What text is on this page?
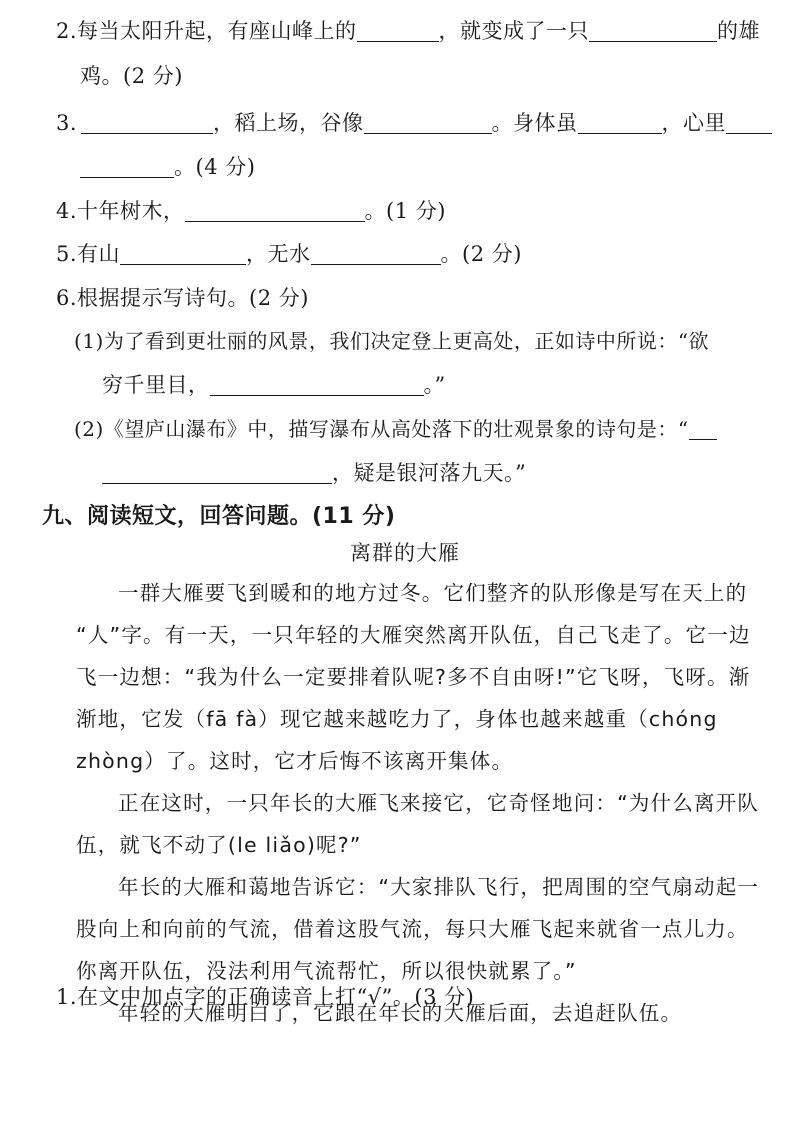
2.每当太阳升起，有座山峰上的	，就变成了一只	的雄
鸡。(2 分)
3.	，稻上场，谷像	。身体虽	，心里
。(4 分)
4.十年树木，	。(1 分)
5.有山	，无水	。(2 分)
6.根据提示写诗句。(2 分)
(1)为了看到更壮丽的风景，我们决定登上更高处，正如诗中所说：“欲
穷千里目，	。”
(2)《望庐山瀑布》中，描写瀑布从高处落下的壮观景象的诗句是：“
，疑是银河落九天。”
九、阅读短文，回答问题。(11 分)
离群的大雁
一群大雁要飞到暖和的地方过冬。它们整齐的队形像是写在天上的
“人”字。有一天，一只年轻的大雁突然离开队伍，自己飞走了。它一边
飞一边想：“我为什么一定要排着队呢?多不自由呀!”它飞呀，飞呀。渐
渐地，它发（fā fà）现它越来越吃力了，身体也越来越重（chóng
zhòng）了。这时，它才后悔不该离开集体。
正在这时，一只年长的大雁飞来接它，它奇怪地问：“为什么离开队
伍，就飞不动了(le liǎo)呢?”
年长的大雁和蔼地告诉它：“大家排队飞行，把周围的空气扇动起一
股向上和向前的气流，借着这股气流，每只大雁飞起来就省一点儿力。
你离开队伍，没法利用气流帮忙，所以很快就累了。”
年轻的大雁明白了，它跟在年长的大雁后面，去追赶队伍。
1.在文中加点字的正确读音上打“√”。(3 分)
